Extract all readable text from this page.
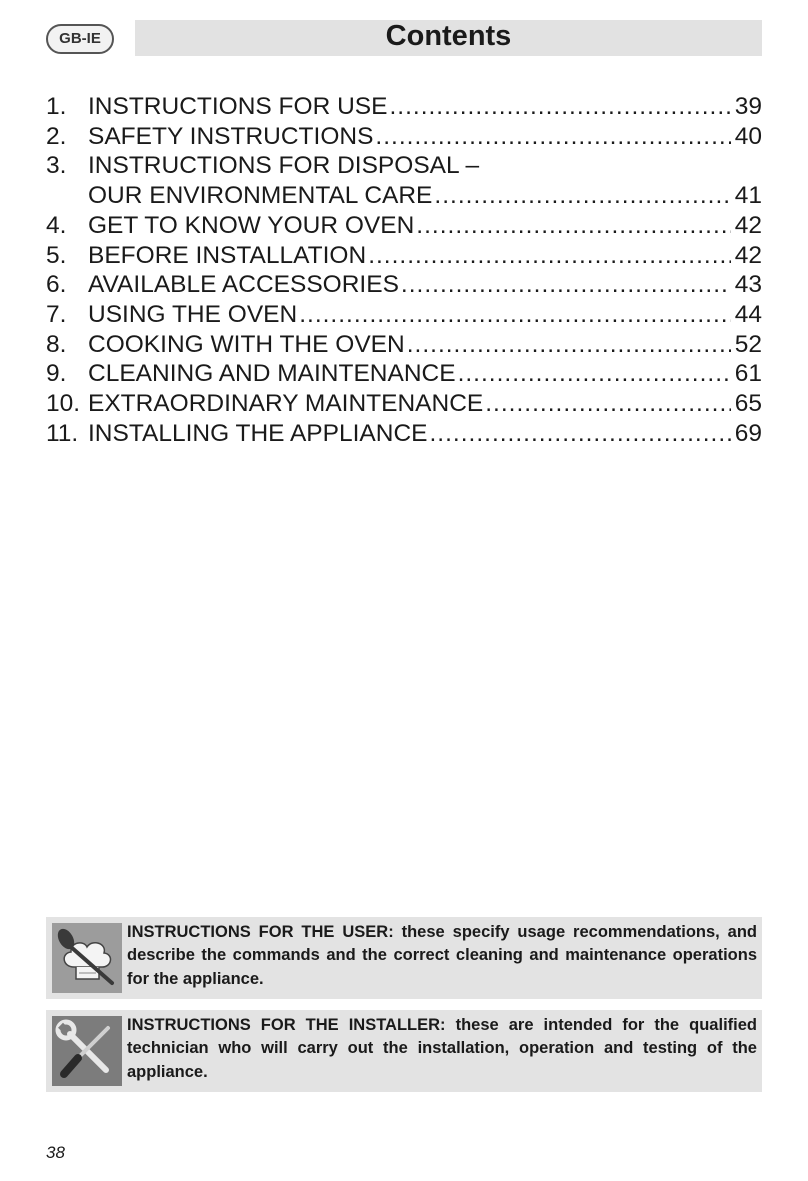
GB-IE	Contents
1. INSTRUCTIONS FOR USE .....	39
2. SAFETY INSTRUCTIONS .....	40
3. INSTRUCTIONS FOR DISPOSAL –
OUR ENVIRONMENTAL CARE .....	41
4. GET TO KNOW YOUR OVEN .....	42
5. BEFORE INSTALLATION .....	42
6. AVAILABLE ACCESSORIES .....	43
7. USING THE OVEN .....	44
8. COOKING WITH THE OVEN .....	52
9. CLEANING AND MAINTENANCE .....	61
10. EXTRAORDINARY MAINTENANCE .....	65
11. INSTALLING THE APPLIANCE .....	69

INSTRUCTIONS FOR THE USER: these specify usage recommendations, and describe the commands and the correct cleaning and maintenance operations for the appliance.

INSTRUCTIONS FOR THE INSTALLER: these are intended for the qualified technician who will carry out the installation, operation and testing of the appliance.

38
